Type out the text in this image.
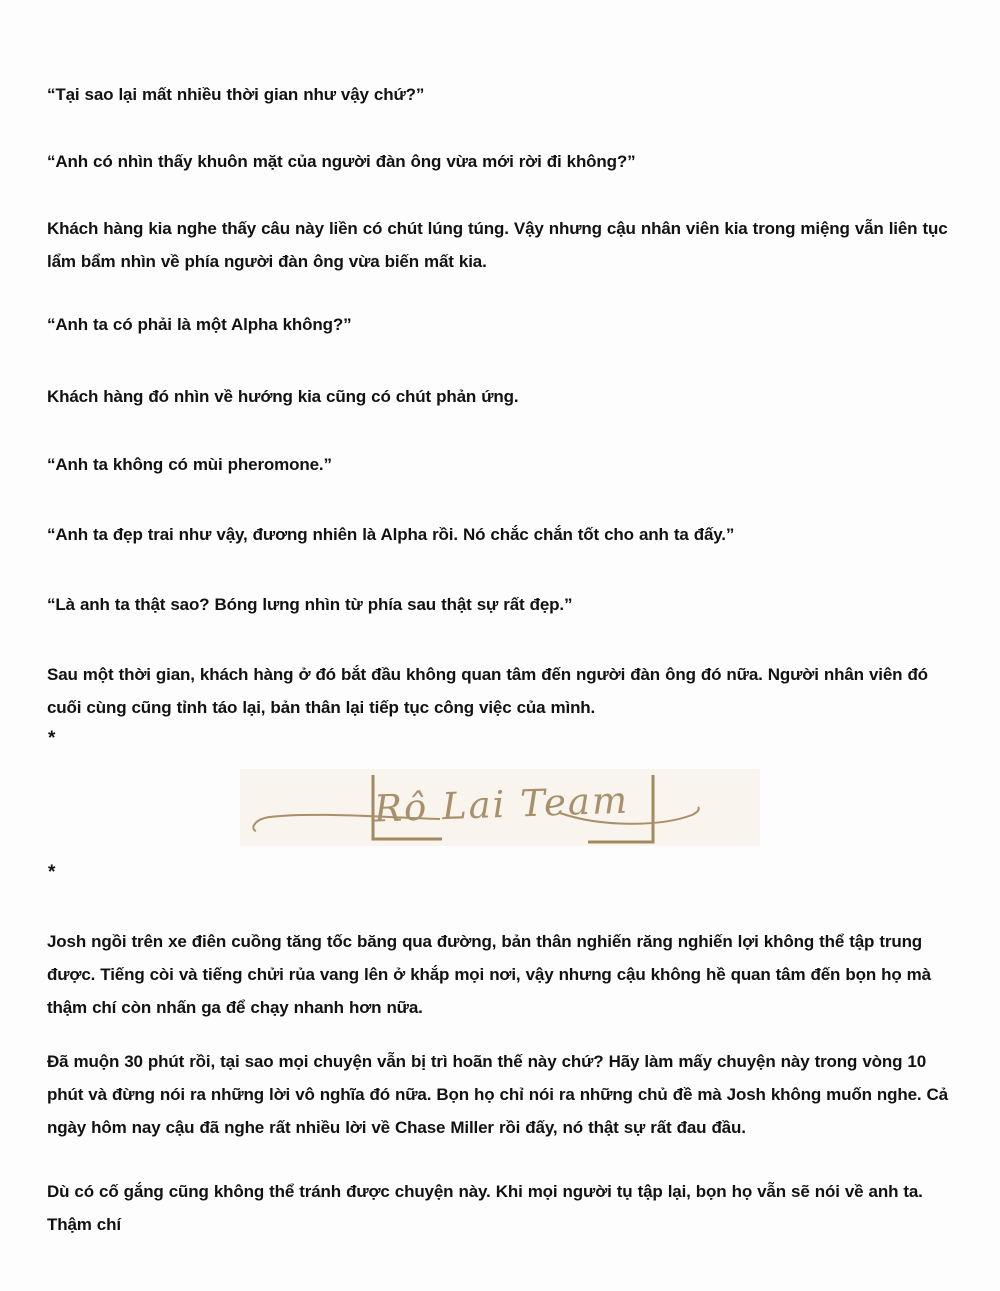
“Tại sao lại mất nhiều thời gian như vậy chứ?”
“Anh có nhìn thấy khuôn mặt của người đàn ông vừa mới rời đi không?”
Khách hàng kia nghe thấy câu này liền có chút lúng túng. Vậy nhưng cậu nhân viên kia trong miệng vẫn liên tục lẩm bẩm nhìn về phía người đàn ông vừa biến mất kia.
“Anh ta có phải là một Alpha không?”
Khách hàng đó nhìn về hướng kia cũng có chút phản ứng.
“Anh ta không có mùi pheromone.”
“Anh ta đẹp trai như vậy, đương nhiên là Alpha rồi. Nó chắc chắn tốt cho anh ta đấy.”
“Là anh ta thật sao? Bóng lưng nhìn từ phía sau thật sự rất đẹp.”
Sau một thời gian, khách hàng ở đó bắt đầu không quan tâm đến người đàn ông đó nữa. Người nhân viên đó cuối cùng cũng tỉnh táo lại, bản thân lại tiếp tục công việc của mình.
*
Rô Lai Team
*
Josh ngồi trên xe điên cuồng tăng tốc băng qua đường, bản thân nghiến răng nghiến lợi không thể tập trung được. Tiếng còi và tiếng chửi rủa vang lên ở khắp mọi nơi, vậy nhưng cậu không hề quan tâm đến bọn họ mà thậm chí còn nhấn ga để chạy nhanh hơn nữa.
Đã muộn 30 phút rồi, tại sao mọi chuyện vẫn bị trì hoãn thế này chứ? Hãy làm mấy chuyện này trong vòng 10 phút và đừng nói ra những lời vô nghĩa đó nữa. Bọn họ chỉ nói ra những chủ đề mà Josh không muốn nghe. Cả ngày hôm nay cậu đã nghe rất nhiều lời về Chase Miller rồi đấy, nó thật sự rất đau đầu.
Dù có cố gắng cũng không thể tránh được chuyện này. Khi mọi người tụ tập lại, bọn họ vẫn sẽ nói về anh ta. Thậm chí
